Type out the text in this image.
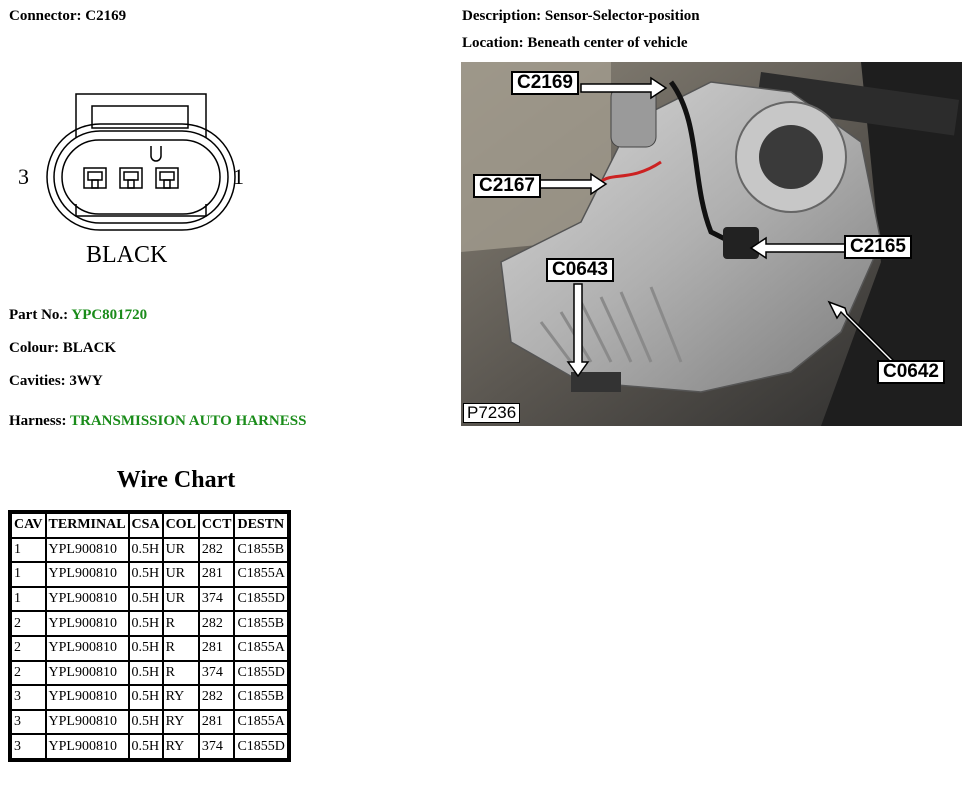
Connector: C2169
3	1
BLACK
Part No.: YPC801720
Colour: BLACK
Cavities: 3WY
Harness: TRANSMISSION AUTO HARNESS
Description: Sensor-Selector-position
Location: Beneath center of vehicle
C2169
C2167
C2165
C0643
C0642
P7236
Wire Chart
CAV	TERMINAL	CSA	COL	CCT	DESTN
1	YPL900810	0.5H	UR	282	C1855B
1	YPL900810	0.5H	UR	281	C1855A
1	YPL900810	0.5H	UR	374	C1855D
2	YPL900810	0.5H	R	282	C1855B
2	YPL900810	0.5H	R	281	C1855A
2	YPL900810	0.5H	R	374	C1855D
3	YPL900810	0.5H	RY	282	C1855B
3	YPL900810	0.5H	RY	281	C1855A
3	YPL900810	0.5H	RY	374	C1855D
